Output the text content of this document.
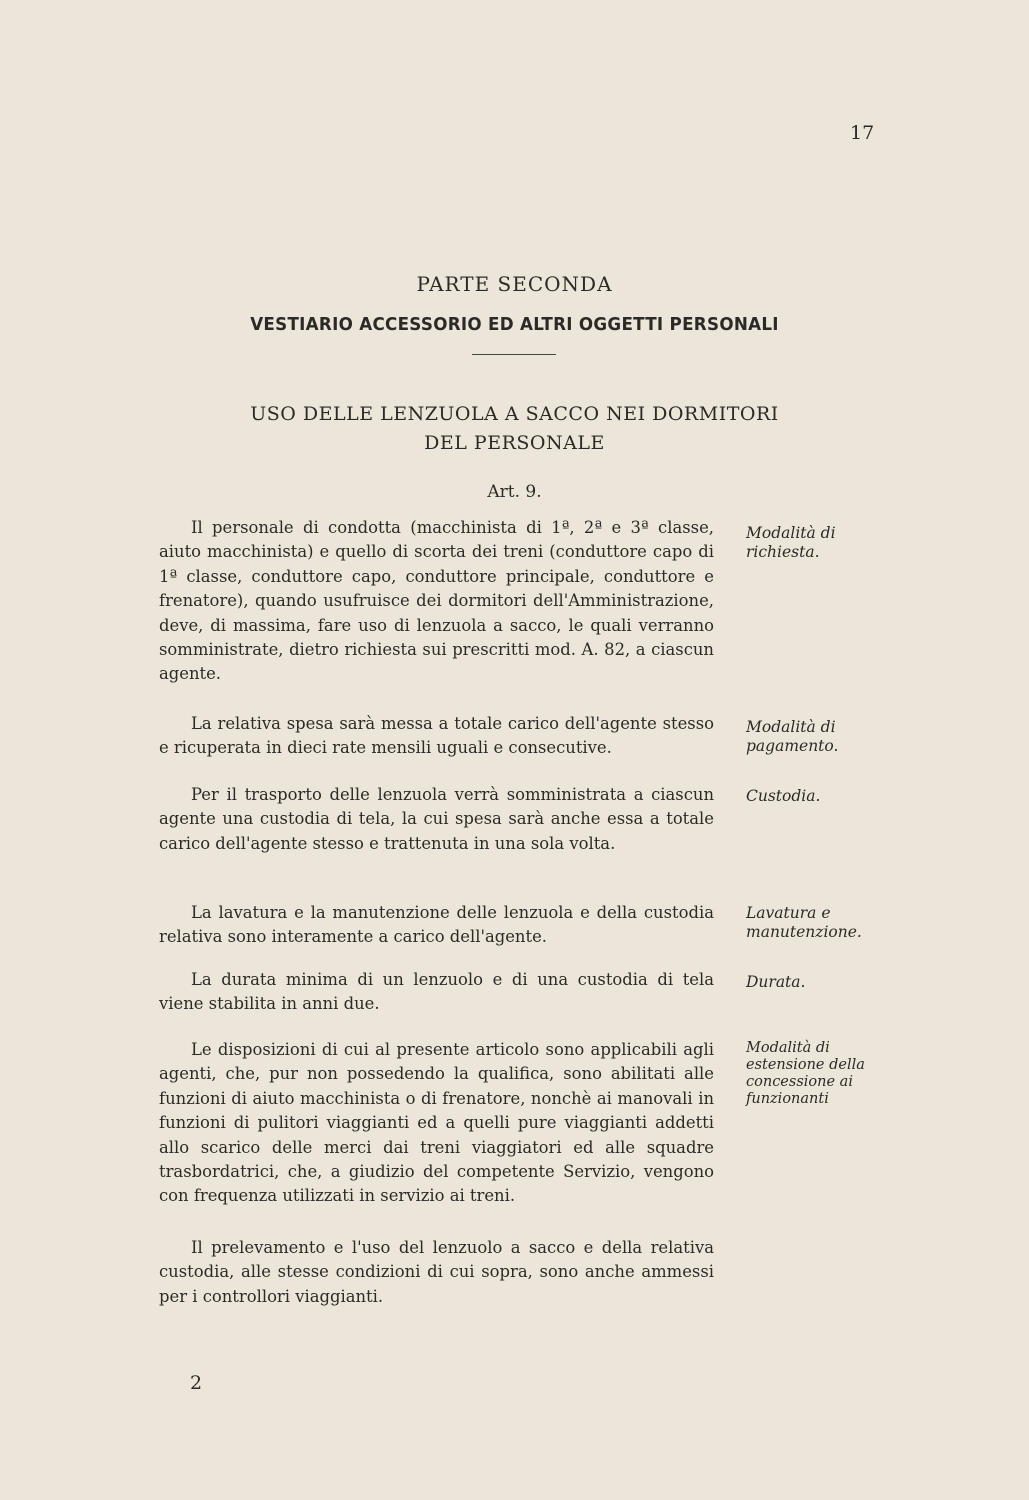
17
PARTE SECONDA
VESTIARIO ACCESSORIO ED ALTRI OGGETTI PERSONALI
USO DELLE LENZUOLA A SACCO NEI DORMITORI
DEL PERSONALE
Art. 9.

Il personale di condotta (macchinista di 1ª, 2ª e 3ª classe, aiuto macchinista) e quello di scorta dei treni (conduttore capo di 1ª classe, conduttore capo, conduttore principale, conduttore e frenatore), quando usufruisce dei dormitori dell'Amministrazione, deve, di massima, fare uso di lenzuola a sacco, le quali verranno somministrate, dietro richiesta sui prescritti mod. A. 82, a ciascun agente.

Modalità di richiesta.

La relativa spesa sarà messa a totale carico dell'agente stesso e ricuperata in dieci rate mensili uguali e consecutive.

Modalità di pagamento.

Per il trasporto delle lenzuola verrà somministrata a ciascun agente una custodia di tela, la cui spesa sarà anche essa a totale carico dell'agente stesso e trattenuta in una sola volta.

Custodia.

La lavatura e la manutenzione delle lenzuola e della custodia relativa sono interamente a carico dell'agente.

Lavatura e manutenzione.

La durata minima di un lenzuolo e di una custodia di tela viene stabilita in anni due.

Durata.

Le disposizioni di cui al presente articolo sono applicabili agli agenti, che, pur non possedendo la qualifica, sono abilitati alle funzioni di aiuto macchinista o di frenatore, nonchè ai manovali in funzioni di pulitori viaggianti ed a quelli pure viaggianti addetti allo scarico delle merci dai treni viaggiatori ed alle squadre trasbordatrici, che, a giudizio del competente Servizio, vengono con frequenza utilizzati in servizio ai treni.

Modalità di estensione della concessione ai funzionanti

Il prelevamento e l'uso del lenzuolo a sacco e della relativa custodia, alle stesse condizioni di cui sopra, sono anche ammessi per i controllori viaggianti.

2
